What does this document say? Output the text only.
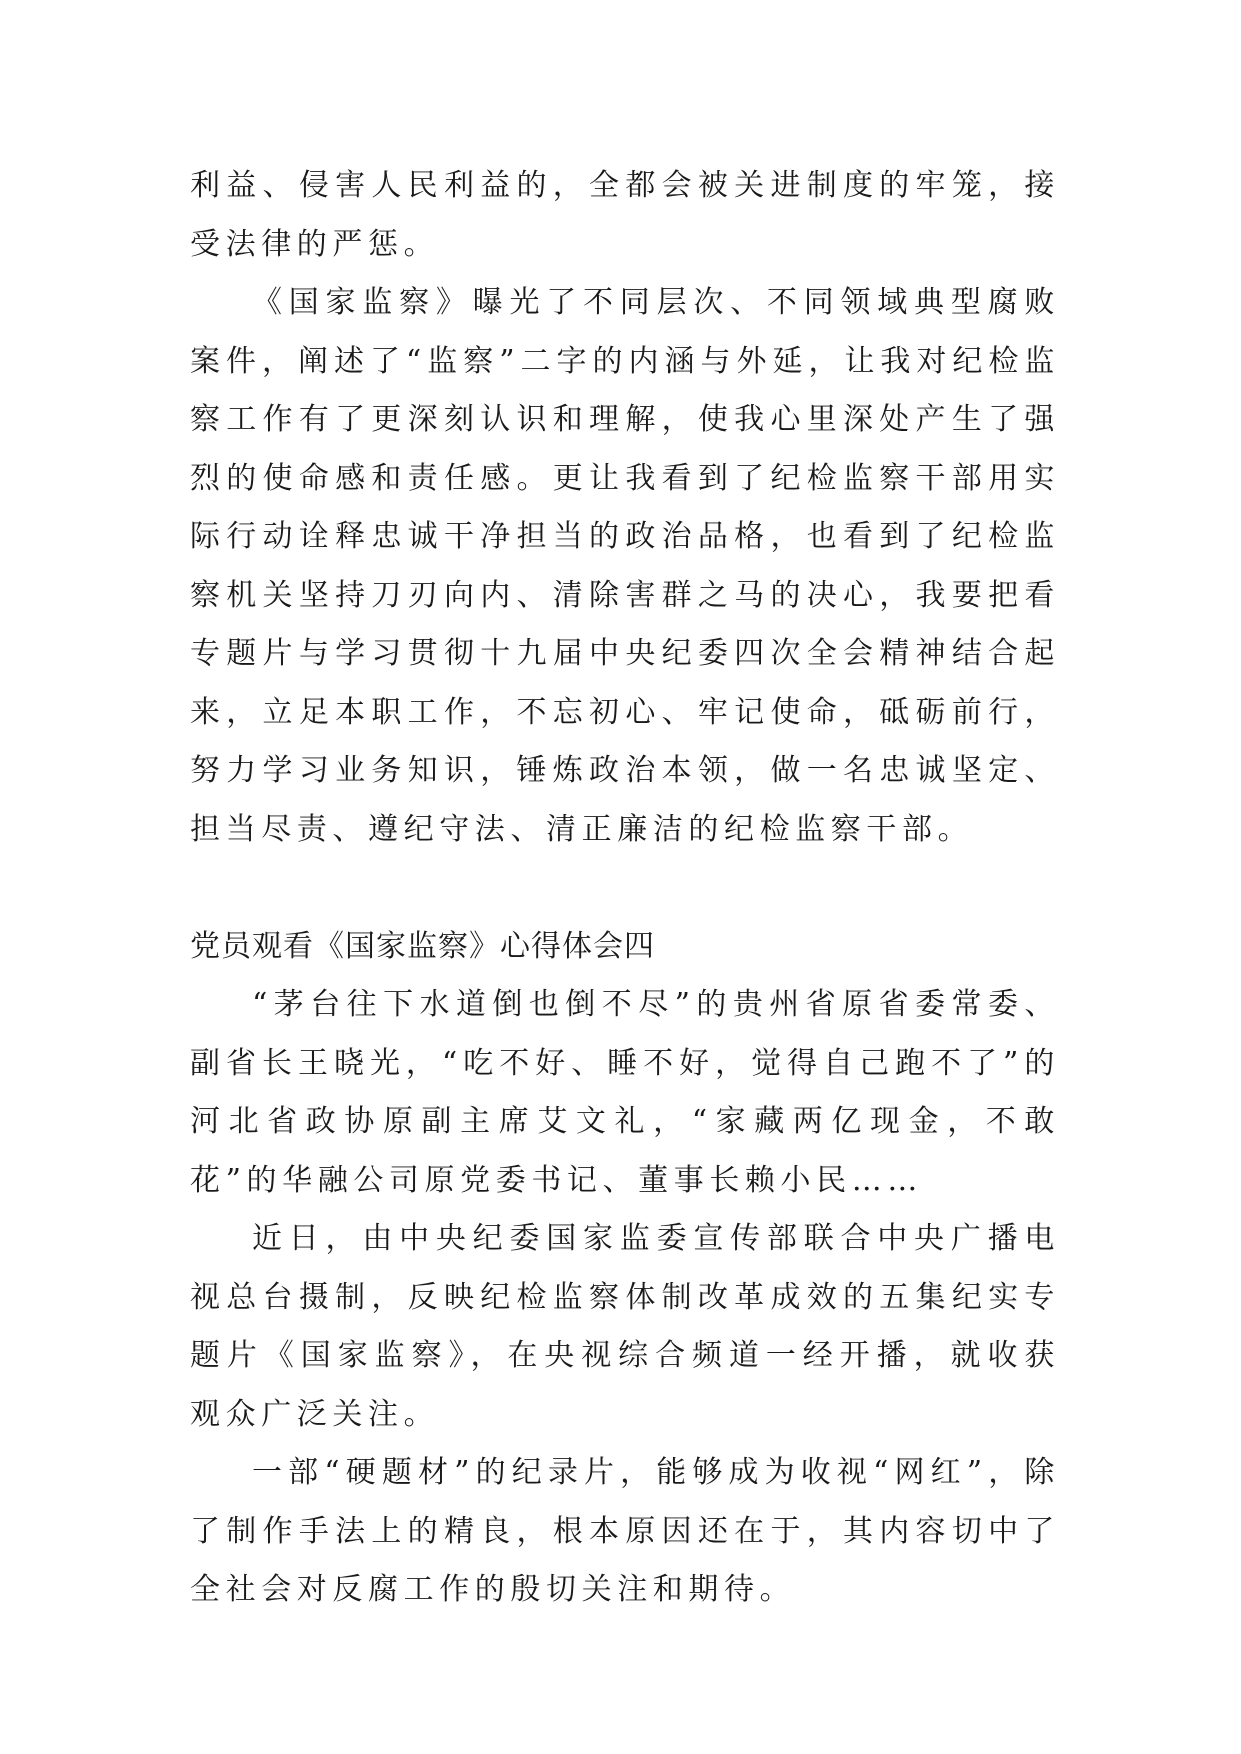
利益、侵害人民利益的，全都会被关进制度的牢笼，接受法律的严惩。

《国家监察》曝光了不同层次、不同领域典型腐败案件，阐述了“监察”二字的内涵与外延，让我对纪检监察工作有了更深刻认识和理解，使我心里深处产生了强烈的使命感和责任感。更让我看到了纪检监察干部用实际行动诠释忠诚干净担当的政治品格，也看到了纪检监察机关坚持刀刃向内、清除害群之马的决心，我要把看专题片与学习贯彻十九届中央纪委四次全会精神结合起来，立足本职工作，不忘初心、牢记使命，砥砺前行，努力学习业务知识，锤炼政治本领，做一名忠诚坚定、担当尽责、遵纪守法、清正廉洁的纪检监察干部。

党员观看《国家监察》心得体会四

“茅台往下水道倒也倒不尽”的贵州省原省委常委、副省长王晓光，“吃不好、睡不好，觉得自己跑不了”的河北省政协原副主席艾文礼，“家藏两亿现金，不敢花”的华融公司原党委书记、董事长赖小民……

近日，由中央纪委国家监委宣传部联合中央广播电视总台摄制，反映纪检监察体制改革成效的五集纪实专题片《国家监察》，在央视综合频道一经开播，就收获观众广泛关注。

一部“硬题材”的纪录片，能够成为收视“网红”，除了制作手法上的精良，根本原因还在于，其内容切中了全社会对反腐工作的殷切关注和期待。
